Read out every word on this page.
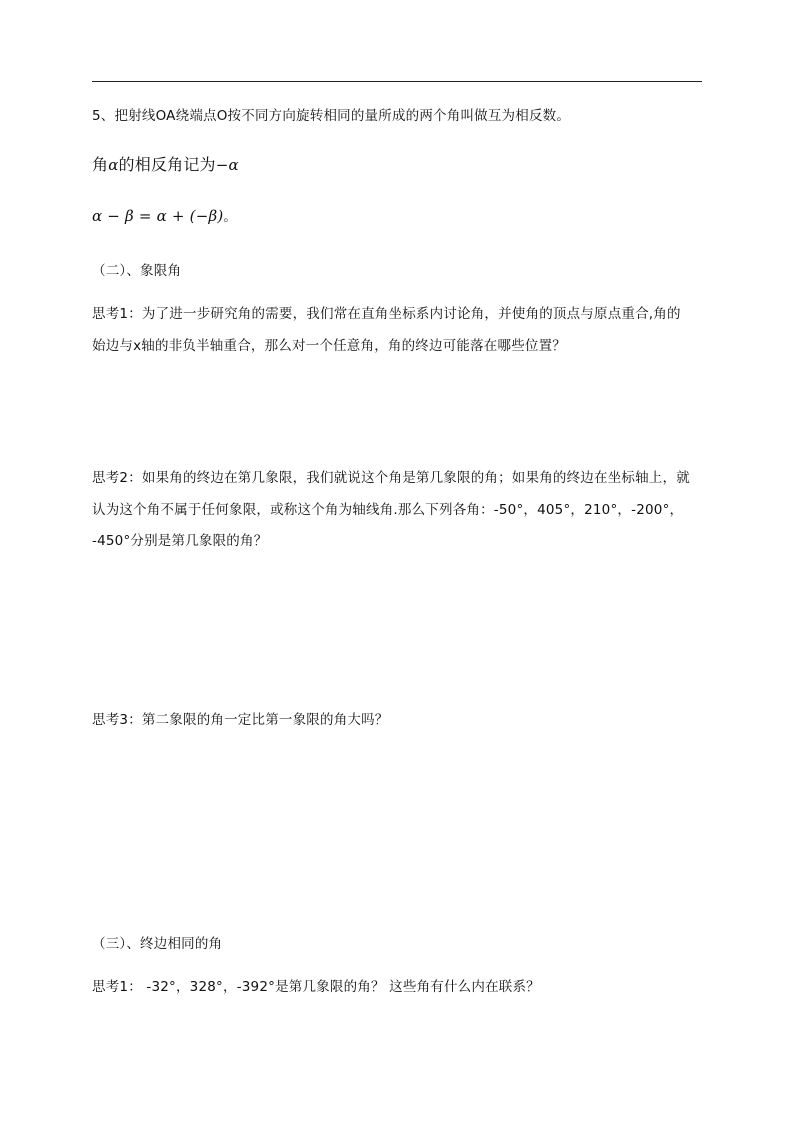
5、把射线OA绕端点O按不同方向旋转相同的量所成的两个角叫做互为相反数。
角α的相反角记为−α
α − β = α + (−β)。
（二）、象限角
思考1：为了进一步研究角的需要，我们常在直角坐标系内讨论角，并使角的顶点与原点重合,角的
始边与x轴的非负半轴重合，那么对一个任意角，角的终边可能落在哪些位置？
思考2：如果角的终边在第几象限，我们就说这个角是第几象限的角；如果角的终边在坐标轴上，就
认为这个角不属于任何象限，或称这个角为轴线角.那么下列各角：-50°，405°，210°，-200°，
-450°分别是第几象限的角？
思考3：第二象限的角一定比第一象限的角大吗？
（三）、终边相同的角
思考1： -32°，328°，-392°是第几象限的角？ 这些角有什么内在联系？
